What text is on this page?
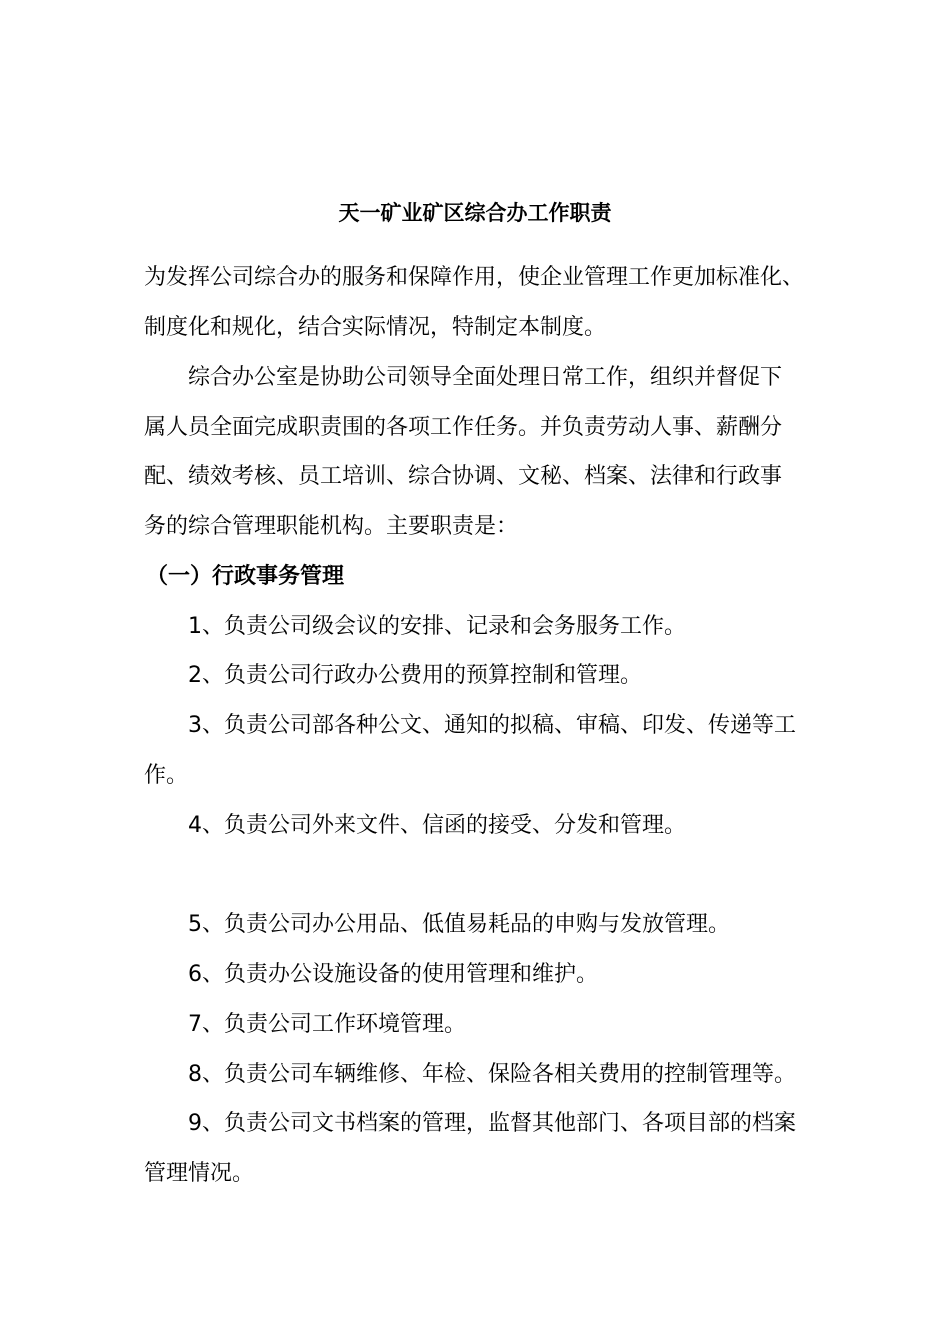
天一矿业矿区综合办工作职责
为发挥公司综合办的服务和保障作用，使企业管理工作更加标准化、
制度化和规化，结合实际情况，特制定本制度。
综合办公室是协助公司领导全面处理日常工作，组织并督促下
属人员全面完成职责围的各项工作任务。并负责劳动人事、薪酬分
配、绩效考核、员工培训、综合协调、文秘、档案、法律和行政事
务的综合管理职能机构。主要职责是：
（一）行政事务管理
1、负责公司级会议的安排、记录和会务服务工作。
2、负责公司行政办公费用的预算控制和管理。
3、负责公司部各种公文、通知的拟稿、审稿、印发、传递等工
作。
4、负责公司外来文件、信函的接受、分发和管理。
5、负责公司办公用品、低值易耗品的申购与发放管理。
6、负责办公设施设备的使用管理和维护。
7、负责公司工作环境管理。
8、负责公司车辆维修、年检、保险各相关费用的控制管理等。
9、负责公司文书档案的管理，监督其他部门、各项目部的档案
管理情况。
